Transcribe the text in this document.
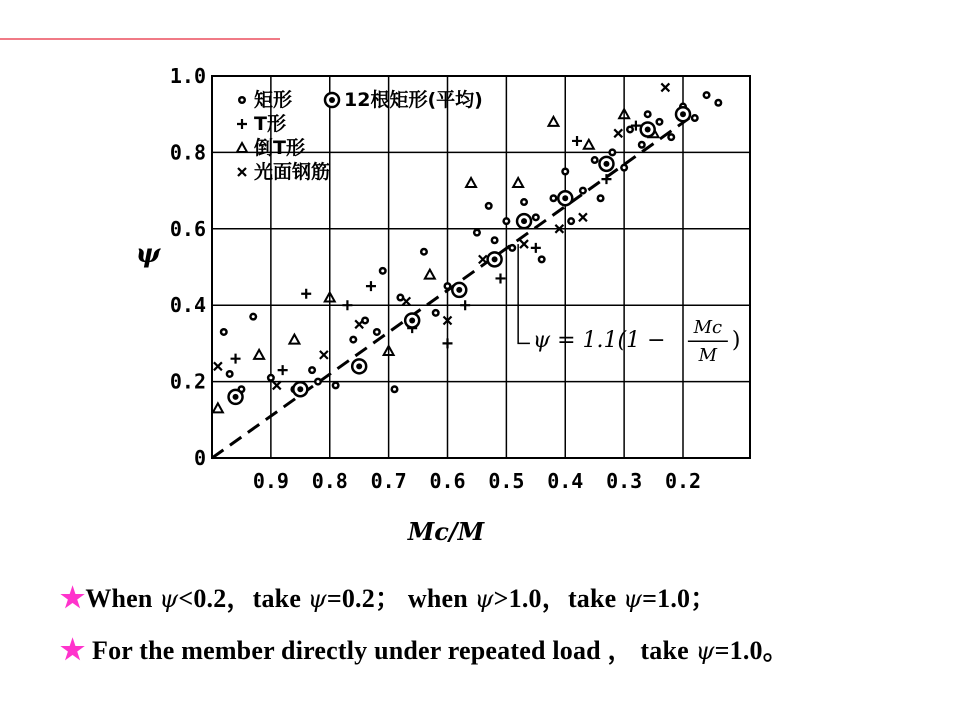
ψ = 1.1(1 −
Mc
M
)
矩形
T形
倒T形
光面钢筋
12根矩形(平均)
0
0.2
0.4
0.6
0.8
1.0
0.9 0.8 0.7 0.6 0.5 0.4 0.3 0.2
ψ
Mc/M
★When ψ<0.2，take ψ=0.2； when ψ>1.0，take ψ=1.0；
★ For the member directly under repeated load ， take ψ=1.0。
